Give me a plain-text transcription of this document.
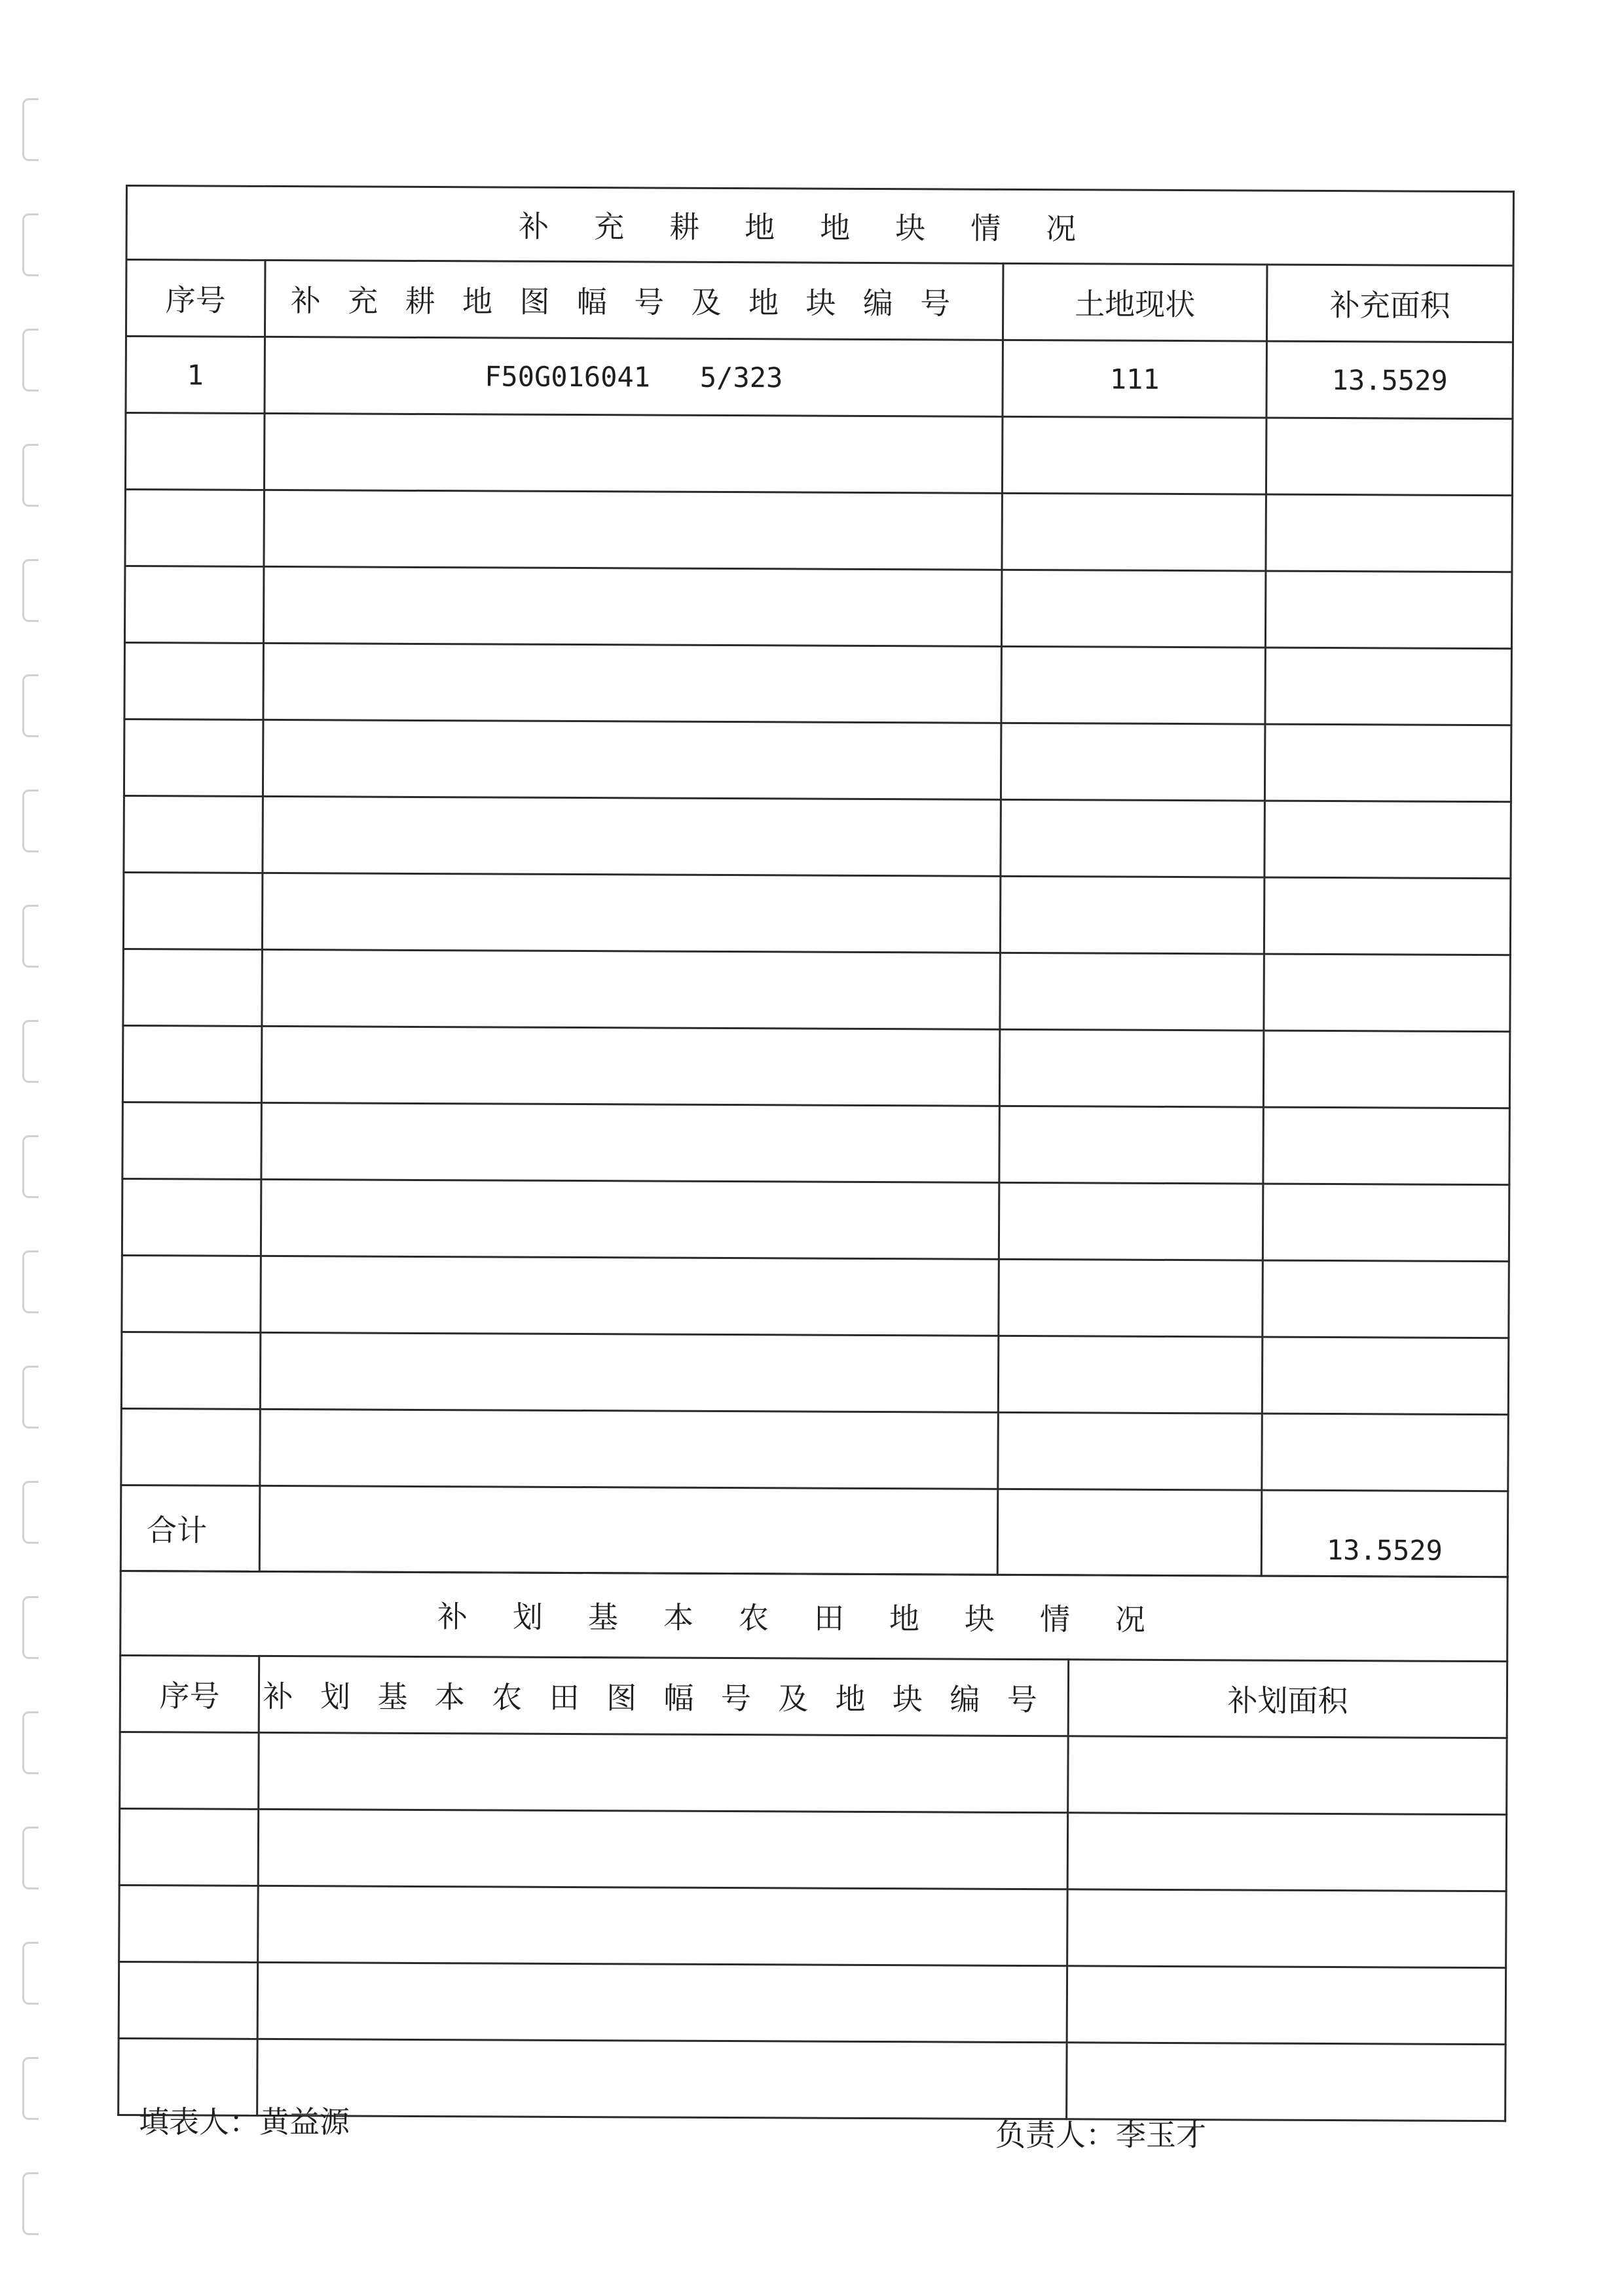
补充耕地地块情况			
序号	补充耕地图幅号及地块编号	土地现状	补充面积
1	F50G016041   5/323	111	13.5529

合计			13.5529
补划基本农田地块情况		
序号	补划基本农田图幅号及地块编号	补划面积

填表人：黄益源	负责人：李玉才
